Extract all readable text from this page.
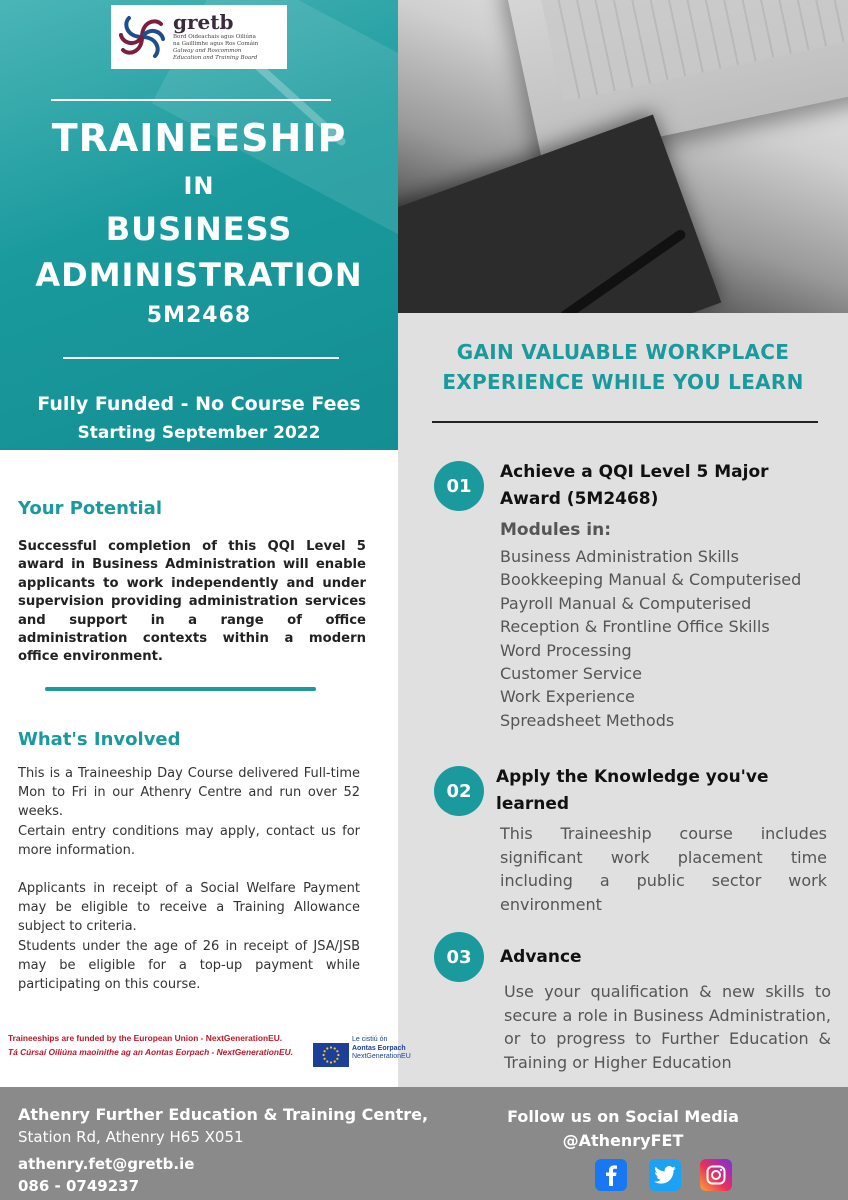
gretb
Bord Oideachais agus Oiliúna
na Gaillimhe agus Ros Comáin
Galway and Roscommon
Education and Training Board
TRAINEESHIP
IN
BUSINESS
ADMINISTRATION
5M2468
Fully Funded - No Course Fees
Starting September 2022
GAIN VALUABLE WORKPLACE
EXPERIENCE WHILE YOU LEARN
01
Achieve a QQI Level 5 Major
Award (5M2468)
Modules in:
Business Administration Skills
Bookkeeping Manual & Computerised
Payroll Manual & Computerised
Reception & Frontline Office Skills
Word Processing
Customer Service
Work Experience
Spreadsheet Methods
02
Apply the Knowledge you've
learned
This Traineeship course includes significant work placement time including a public sector work environment
03	Advance
Use your qualification & new skills to secure a role in Business Administration, or to progress to Further Education & Training or Higher Education
Your Potential
Successful completion of this QQI Level 5 award in Business Administration will enable applicants to work independently and under supervision providing administration services and support in a range of office administration contexts within a modern office environment.
What's Involved

This is a Traineeship Day Course delivered Full-time Mon to Fri in our Athenry Centre and run over 52 weeks.

Certain entry conditions may apply, contact us for more information.

Applicants in receipt of a Social Welfare Payment may be eligible to receive a Training Allowance subject to criteria.

Students under the age of 26 in receipt of JSA/JSB may be eligible for a top-up payment while participating on this course.

Traineeships are funded by the European Union - NextGenerationEU.
Tá Cúrsaí Oiliúna maoinithe ag an Aontas Eorpach - NextGenerationEU.
Le cistiú ón
Aontas Eorpach
NextGenerationEU
Athenry Further Education & Training Centre,
Station Rd, Athenry H65 X051
athenry.fet@gretb.ie
086 - 0749237
Follow us on Social Media
@AthenryFET
